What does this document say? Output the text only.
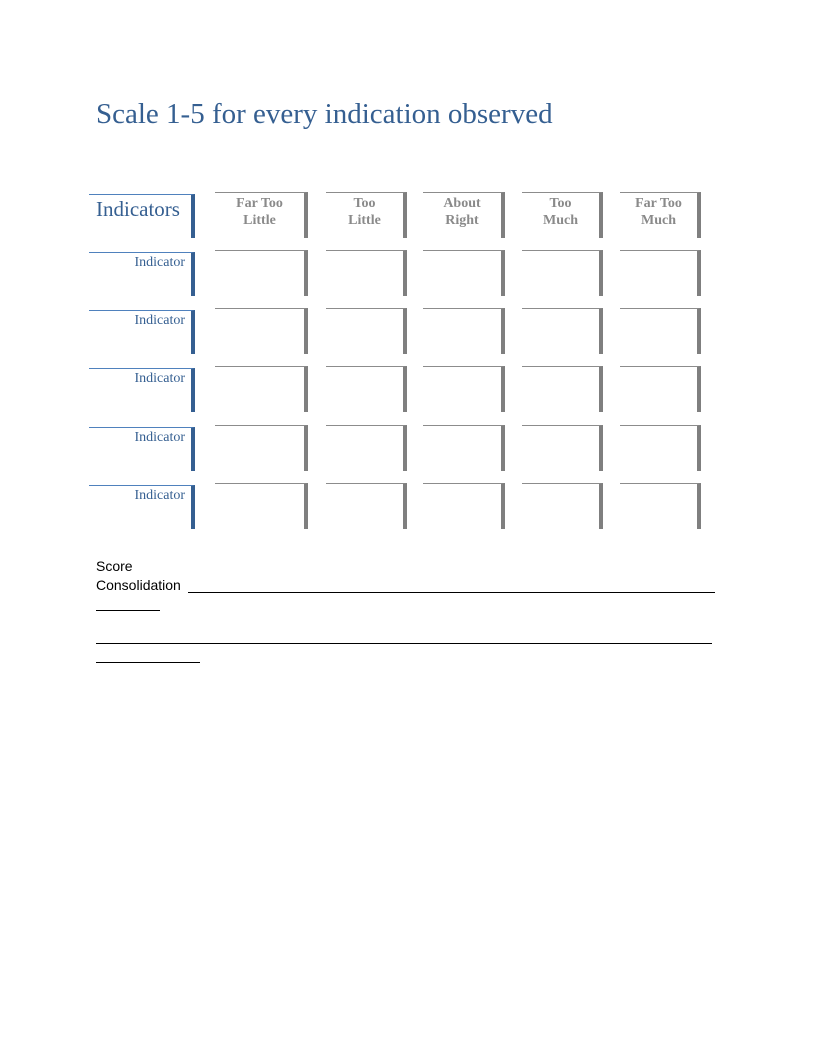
Scale 1-5 for every indication observed
Indicators	Far Too
Little
Too
Little
About
Right
Too
Much
Far Too
Much
Indicator
Indicator
Indicator
Indicator
Indicator
Score
Consolidation
